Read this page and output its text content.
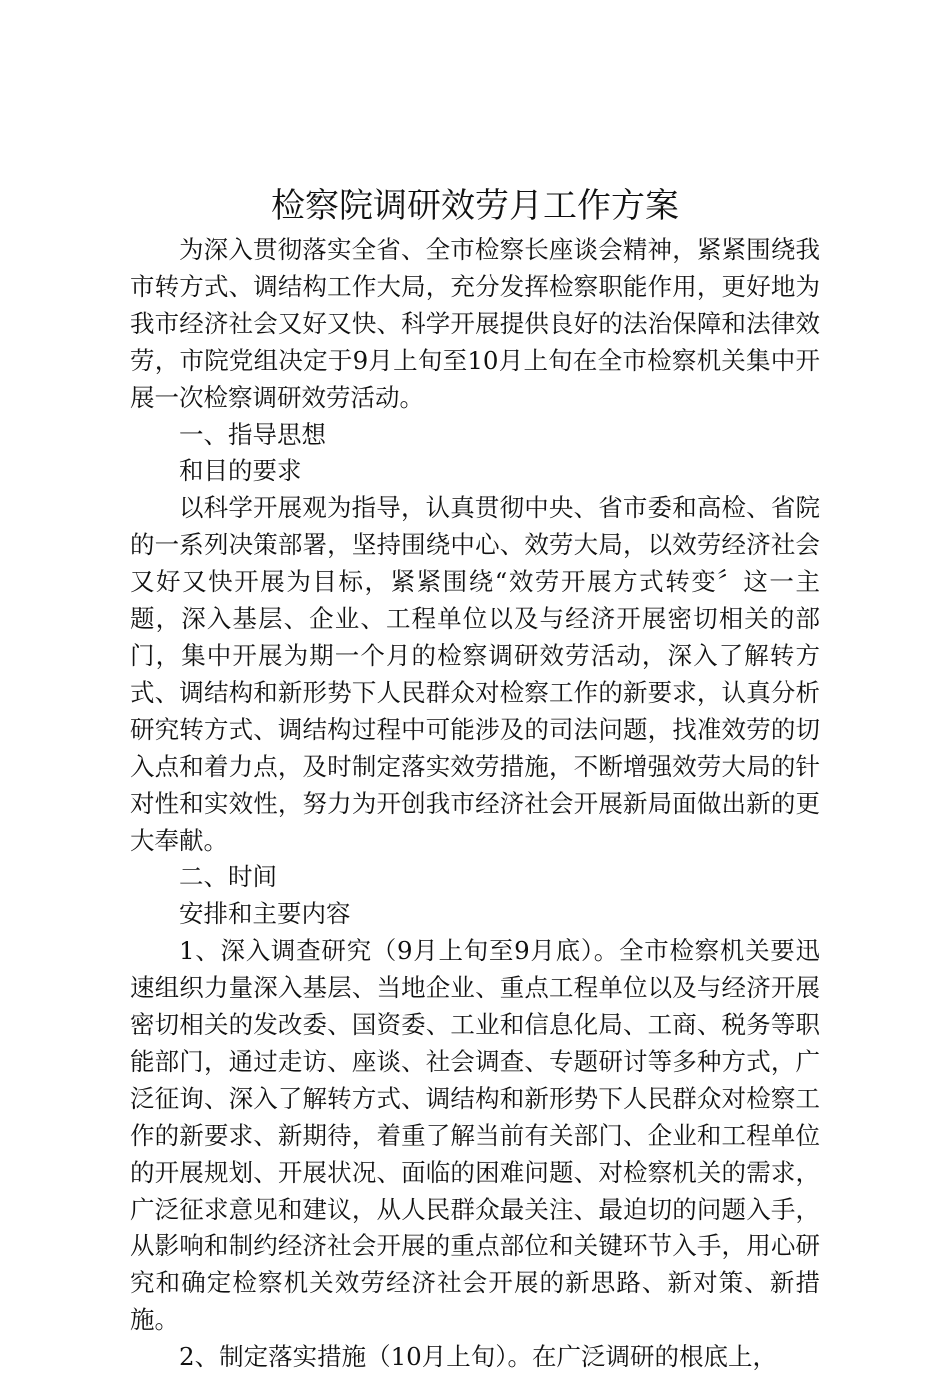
检察院调研效劳月工作方案

为深入贯彻落实全省、全市检察长座谈会精神，紧紧围绕我市转方式、调结构工作大局，充分发挥检察职能作用，更好地为我市经济社会又好又快、科学开展提供良好的法治保障和法律效劳，市院党组决定于9月上旬至10月上旬在全市检察机关集中开展一次检察调研效劳活动。

一、指导思想

和目的要求

以科学开展观为指导，认真贯彻中央、省市委和高检、省院的一系列决策部署，坚持围绕中心、效劳大局，以效劳经济社会又好又快开展为目标，紧紧围绕“效劳开展方式转变〞这一主题，深入基层、企业、工程单位以及与经济开展密切相关的部门，集中开展为期一个月的检察调研效劳活动，深入了解转方式、调结构和新形势下人民群众对检察工作的新要求，认真分析研究转方式、调结构过程中可能涉及的司法问题，找准效劳的切入点和着力点，及时制定落实效劳措施，不断增强效劳大局的针对性和实效性，努力为开创我市经济社会开展新局面做出新的更大奉献。

二、时间

安排和主要内容

1、深入调查研究（9月上旬至9月底）。全市检察机关要迅速组织力量深入基层、当地企业、重点工程单位以及与经济开展密切相关的发改委、国资委、工业和信息化局、工商、税务等职能部门，通过走访、座谈、社会调查、专题研讨等多种方式，广泛征询、深入了解转方式、调结构和新形势下人民群众对检察工作的新要求、新期待，着重了解当前有关部门、企业和工程单位的开展规划、开展状况、面临的困难问题、对检察机关的需求，广泛征求意见和建议，从人民群众最关注、最迫切的问题入手，从影响和制约经济社会开展的重点部位和关键环节入手，用心研究和确定检察机关效劳经济社会开展的新思路、新对策、新措施。

2、制定落实措施（10月上旬）。在广泛调研的根底上，
